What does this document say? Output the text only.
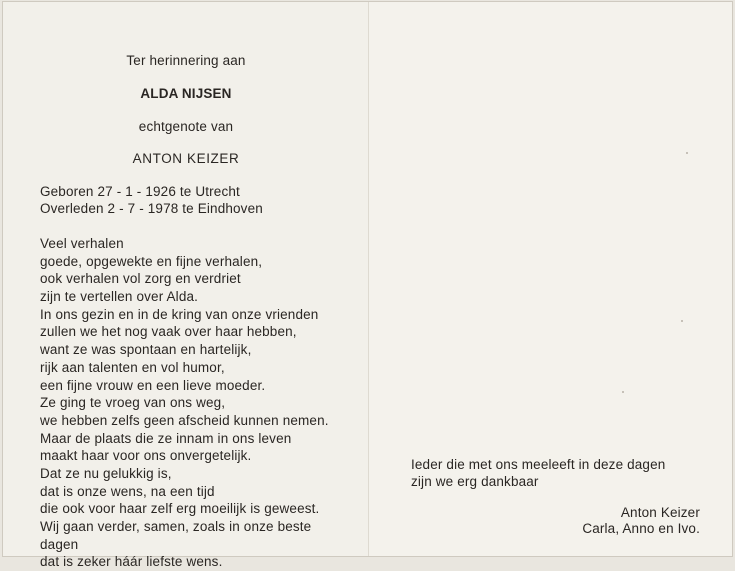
Ter herinnering aan
ALDA NIJSEN
echtgenote van
ANTON KEIZER
Geboren 27 - 1 - 1926 te Utrecht
Overleden 2 - 7 - 1978 te Eindhoven
Veel verhalen
goede, opgewekte en fijne verhalen,
ook verhalen vol zorg en verdriet
zijn te vertellen over Alda.
In ons gezin en in de kring van onze vrienden
zullen we het nog vaak over haar hebben,
want ze was spontaan en hartelijk,
rijk aan talenten en vol humor,
een fijne vrouw en een lieve moeder.
Ze ging te vroeg van ons weg,
we hebben zelfs geen afscheid kunnen nemen.
Maar de plaats die ze innam in ons leven
maakt haar voor ons onvergetelijk.
Dat ze nu gelukkig is,
dat is onze wens, na een tijd
die ook voor haar zelf erg moeilijk is geweest.
Wij gaan verder, samen, zoals in onze beste
dagen
dat is zeker háár liefste wens.
Ieder die met ons meeleeft in deze dagen
zijn we erg dankbaar
Anton Keizer
Carla, Anno en Ivo.
